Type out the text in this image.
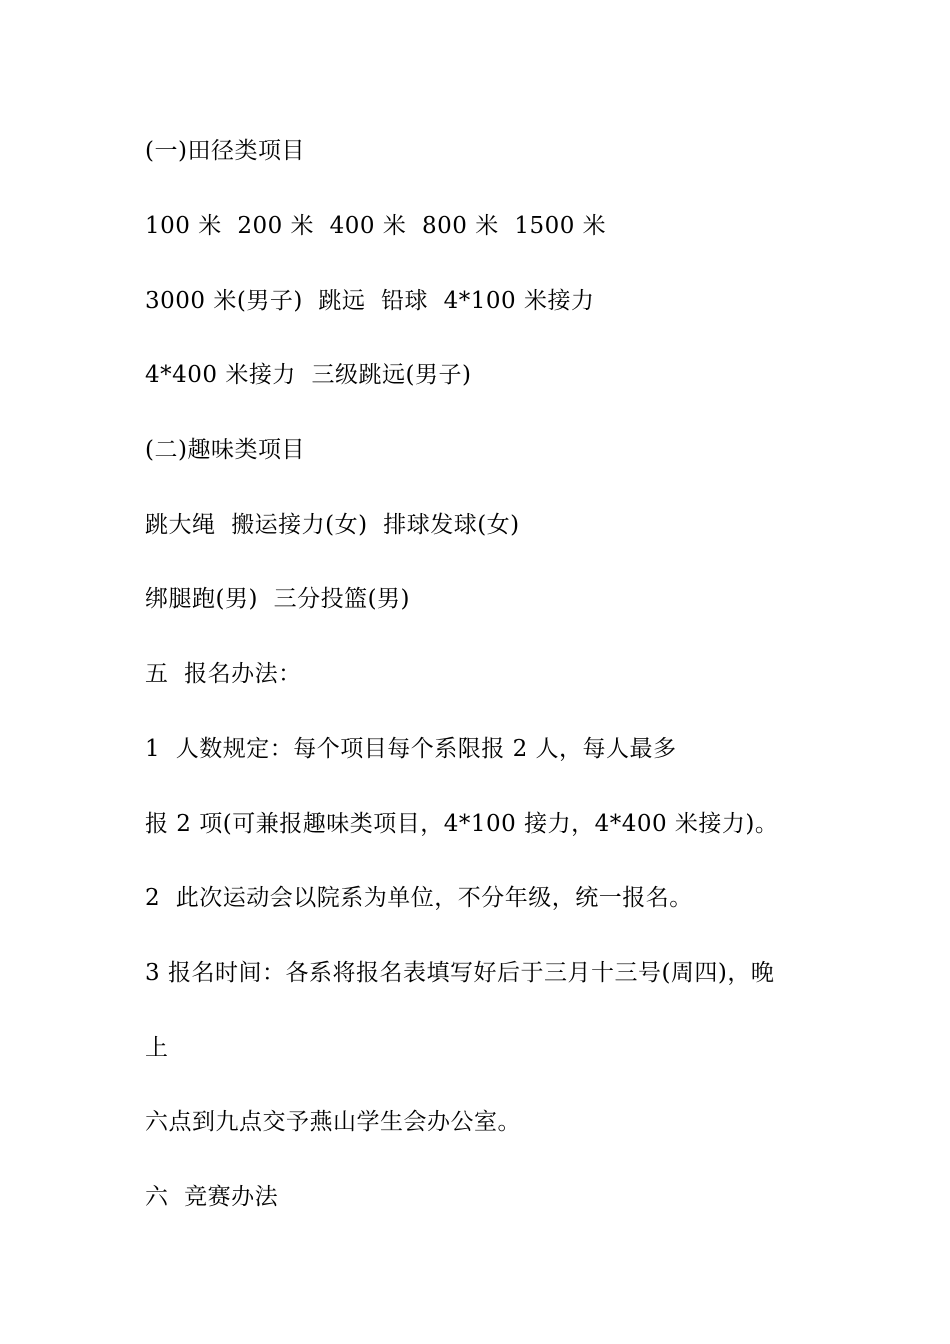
(一)田径类项目

100 米  200 米  400 米  800 米  1500 米

3000 米(男子)  跳远  铅球  4*100 米接力

4*400 米接力  三级跳远(男子)

(二)趣味类项目

跳大绳  搬运接力(女)  排球发球(女)

绑腿跑(男)  三分投篮(男)

五  报名办法：

1  人数规定：每个项目每个系限报 2 人，每人最多

报 2 项(可兼报趣味类项目，4*100 接力，4*400 米接力)。

2  此次运动会以院系为单位，不分年级，统一报名。

3 报名时间：各系将报名表填写好后于三月十三号(周四)，晚

上

六点到九点交予燕山学生会办公室。

六  竞赛办法
